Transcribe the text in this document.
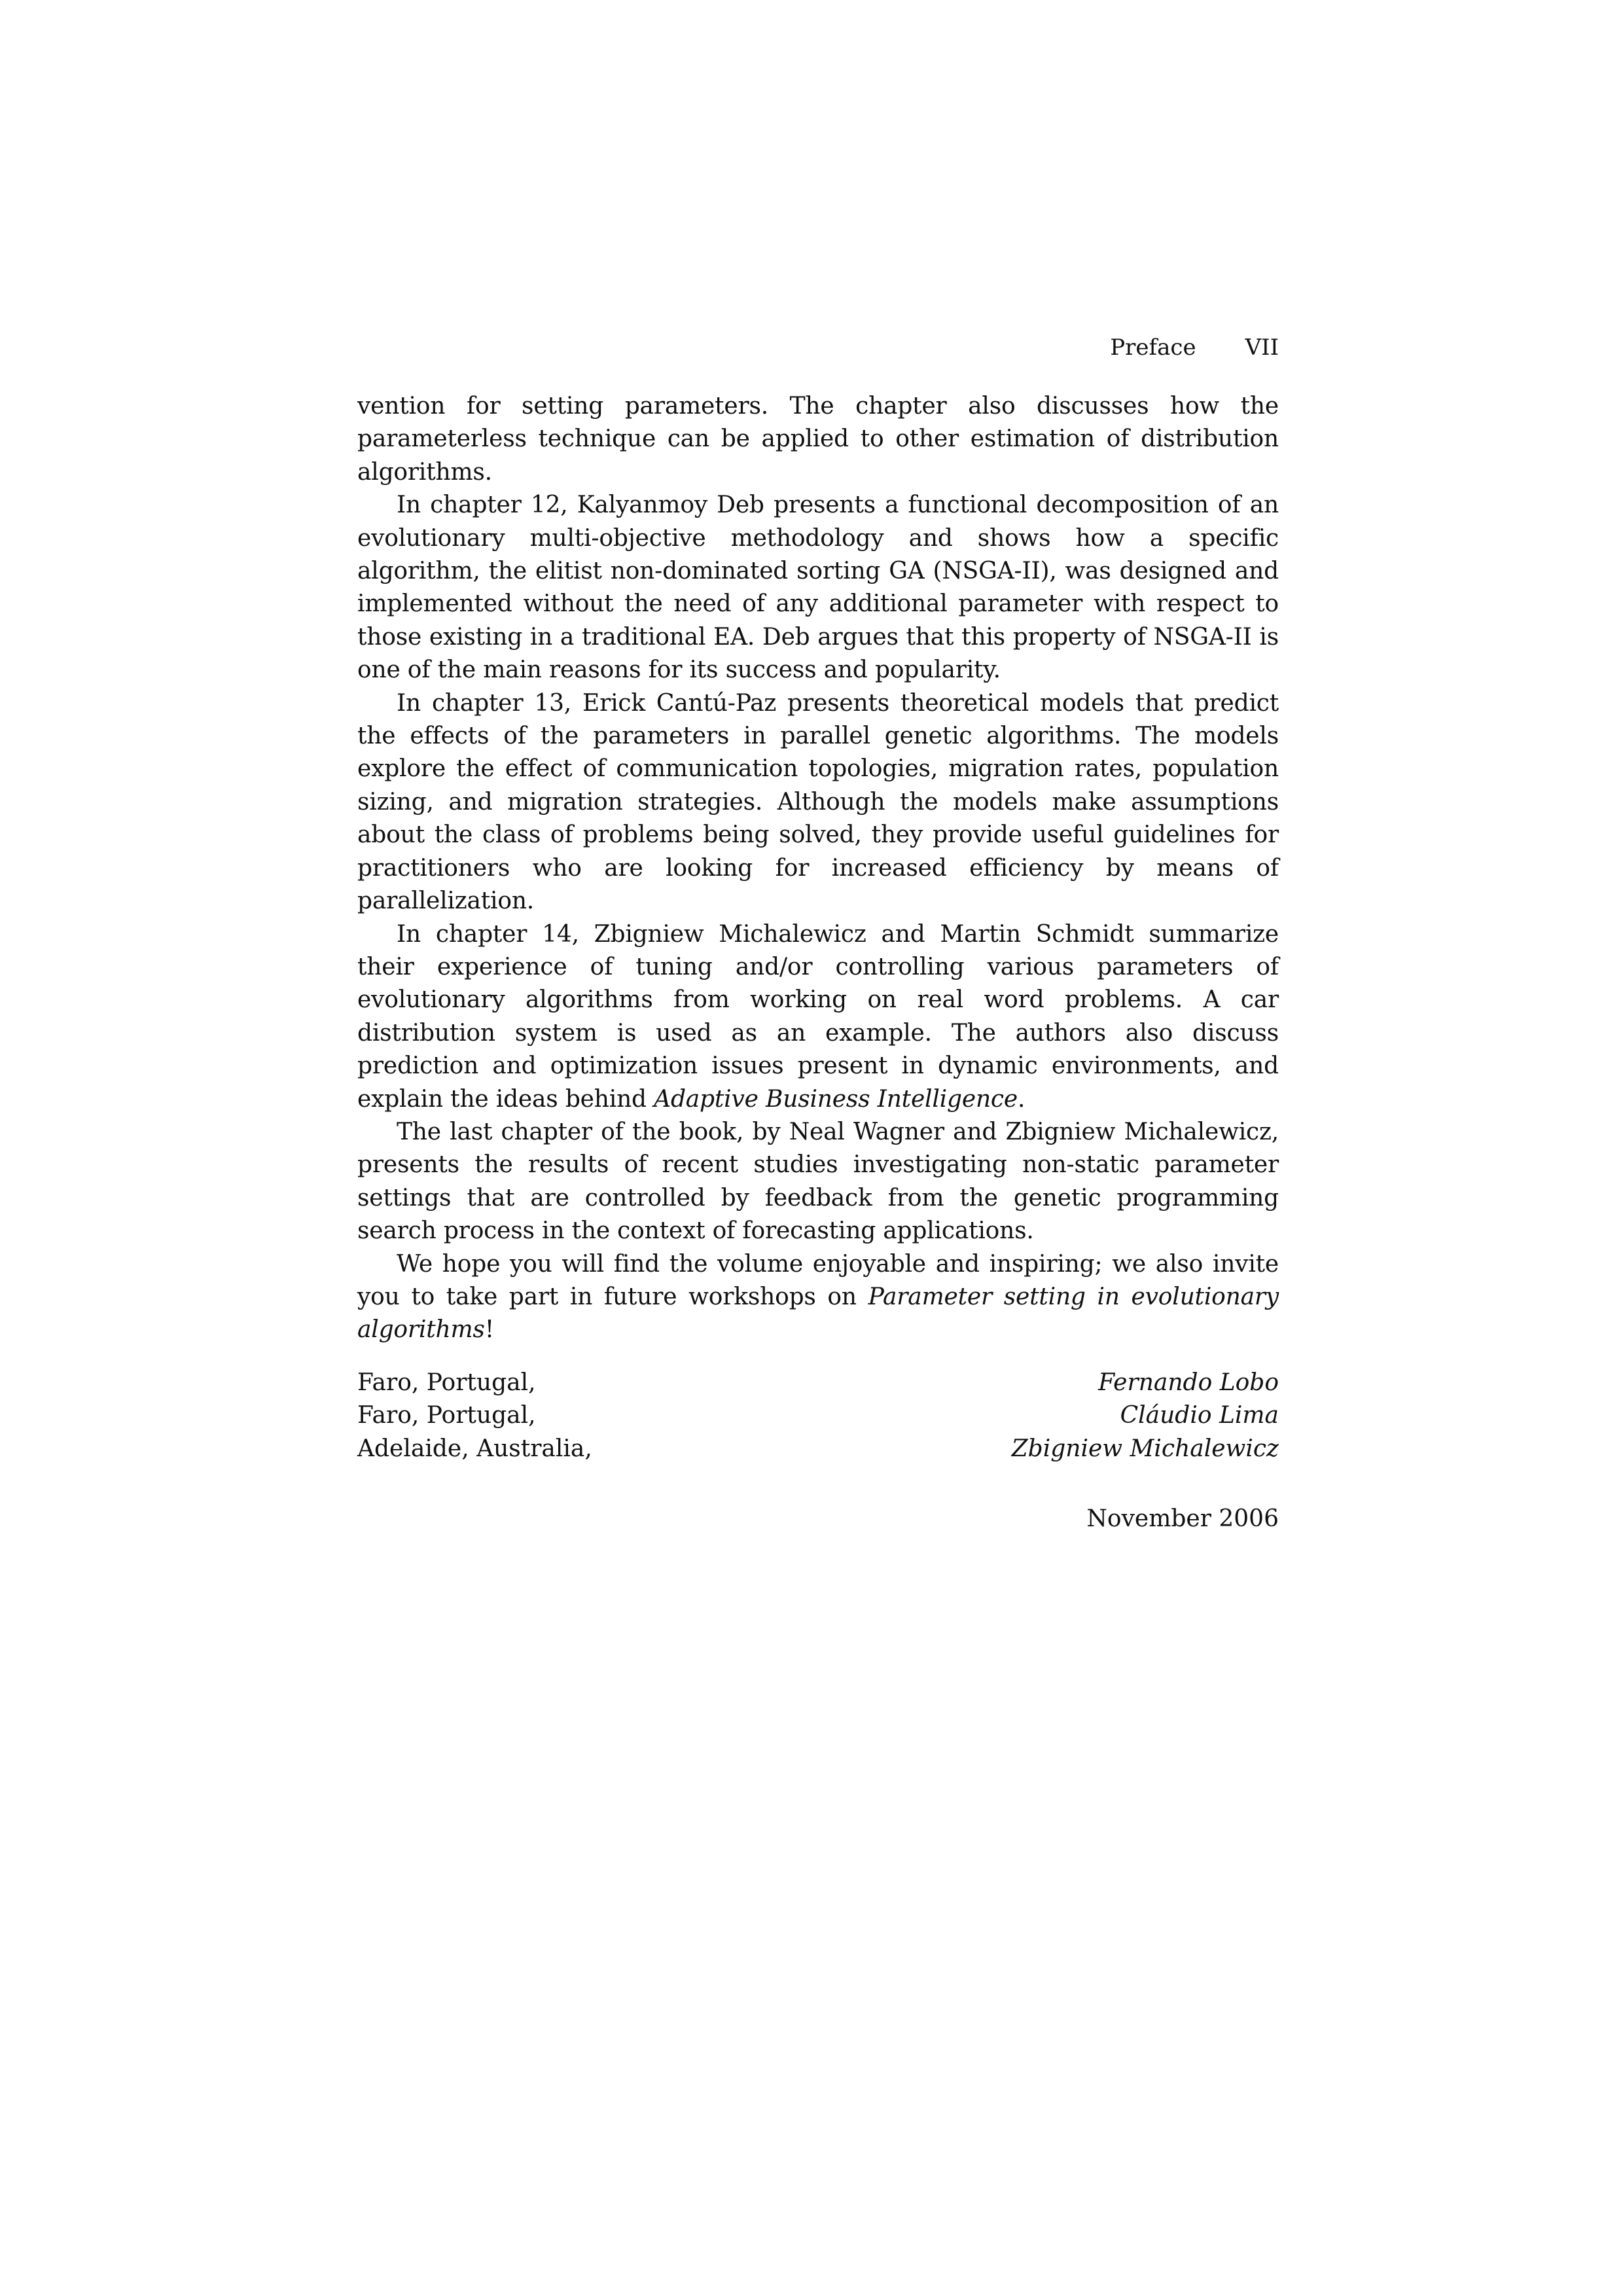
Preface VII

vention for setting parameters. The chapter also discusses how the parameterless technique can be applied to other estimation of distribution algorithms.

In chapter 12, Kalyanmoy Deb presents a functional decomposition of an evolutionary multi-objective methodology and shows how a specific algorithm, the elitist non-dominated sorting GA (NSGA-II), was designed and implemented without the need of any additional parameter with respect to those existing in a traditional EA. Deb argues that this property of NSGA-II is one of the main reasons for its success and popularity.

In chapter 13, Erick Cantú-Paz presents theoretical models that predict the effects of the parameters in parallel genetic algorithms. The models explore the effect of communication topologies, migration rates, population sizing, and migration strategies. Although the models make assumptions about the class of problems being solved, they provide useful guidelines for practitioners who are looking for increased efficiency by means of parallelization.

In chapter 14, Zbigniew Michalewicz and Martin Schmidt summarize their experience of tuning and/or controlling various parameters of evolutionary algorithms from working on real word problems. A car distribution system is used as an example. The authors also discuss prediction and optimization issues present in dynamic environments, and explain the ideas behind Adaptive Business Intelligence.

The last chapter of the book, by Neal Wagner and Zbigniew Michalewicz, presents the results of recent studies investigating non-static parameter settings that are controlled by feedback from the genetic programming search process in the context of forecasting applications.

We hope you will find the volume enjoyable and inspiring; we also invite you to take part in future workshops on Parameter setting in evolutionary algorithms!

Faro, Portugal,
Faro, Portugal,
Adelaide, Australia,
Fernando Lobo
Cláudio Lima
Zbigniew Michalewicz
November 2006
